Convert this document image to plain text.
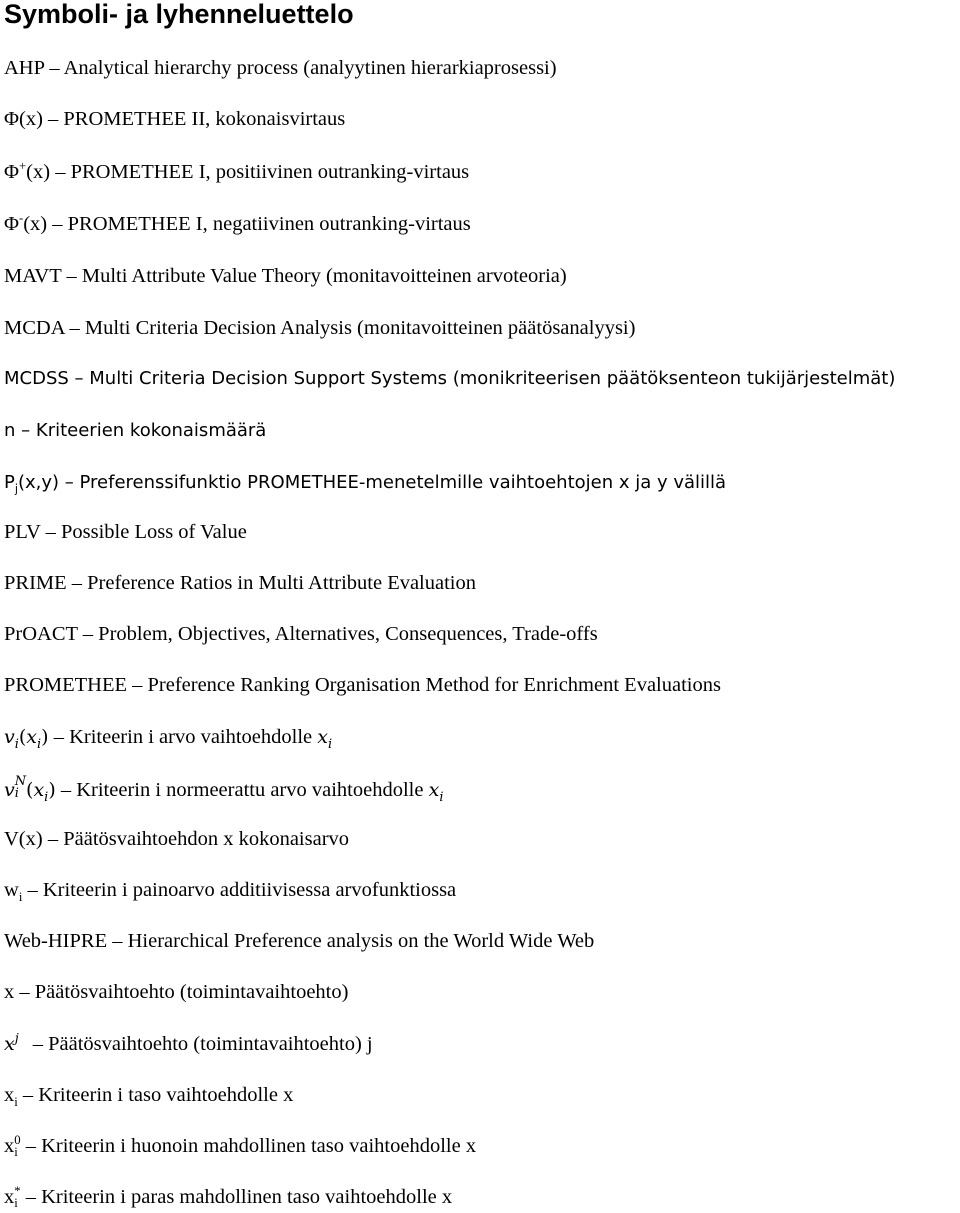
Symboli- ja lyhenneluettelo
AHP – Analytical hierarchy process (analyytinen hierarkiaprosessi)
Φ(x) – PROMETHEE II, kokonaisvirtaus
Φ+(x) – PROMETHEE I, positiivinen outranking-virtaus
Φ-(x) – PROMETHEE I, negatiivinen outranking-virtaus
MAVT – Multi Attribute Value Theory (monitavoitteinen arvoteoria)
MCDA – Multi Criteria Decision Analysis (monitavoitteinen päätösanalyysi)
MCDSS – Multi Criteria Decision Support Systems (monikriteerisen päätöksenteon tukijärjestelmät)
n – Kriteerien kokonaismäärä
$P_j(x,y)$ – Preferenssifunktio PROMETHEE-menetelmille vaihtoehtojen x ja y välillä
PLV – Possible Loss of Value
PRIME – Preference Ratios in Multi Attribute Evaluation
PrOACT – Problem, Objectives, Alternatives, Consequences, Trade-offs
PROMETHEE – Preference Ranking Organisation Method for Enrichment Evaluations
$v_i(x_i)$ – Kriteerin i arvo vaihtoehdolle $x_i$
v N
i $(x_i)$ – Kriteerin i normeerattu arvo vaihtoehdolle $x_i$
V(x) – Päätösvaihtoehdon x kokonaisarvo
$w_i$ – Kriteerin i painoarvo additiivisessa arvofunktiossa
Web-HIPRE – Hierarchical Preference analysis on the World Wide Web
x – Päätösvaihtoehto (toimintavaihtoehto)
$x^j$ – Päätösvaihtoehto (toimintavaihtoehto) j
$x_i$ – Kriteerin i taso vaihtoehdolle x
x 0
i – Kriteerin i huonoin mahdollinen taso vaihtoehdolle x
x *
i – Kriteerin i paras mahdollinen taso vaihtoehdolle x
